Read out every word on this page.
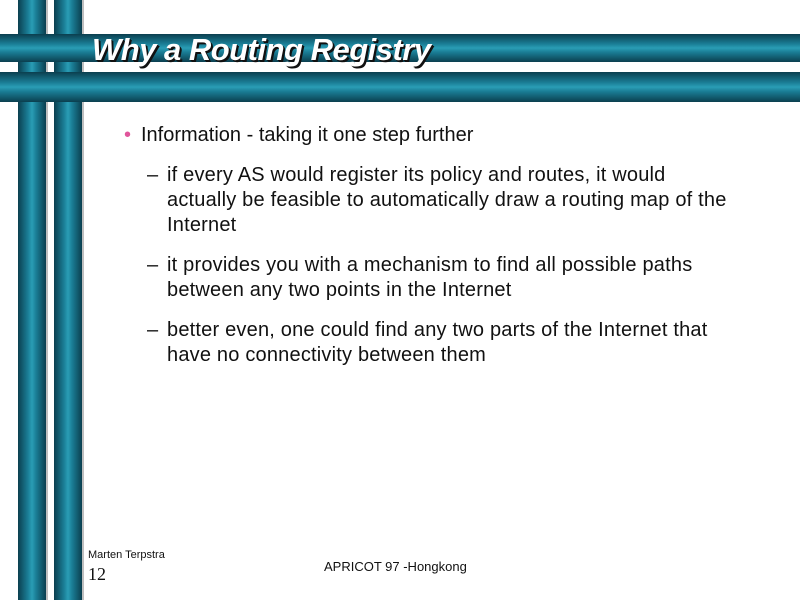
Why a Routing Registry
• Information - taking it one step further
– if every AS would register its policy and routes, it would actually be feasible to automatically draw a routing map of the Internet
– it provides you with a mechanism to find all possible paths between any two points in the Internet
– better even, one could find any two parts of the Internet that have no connectivity between them
Marten Terpstra
12	APRICOT 97 -Hongkong
